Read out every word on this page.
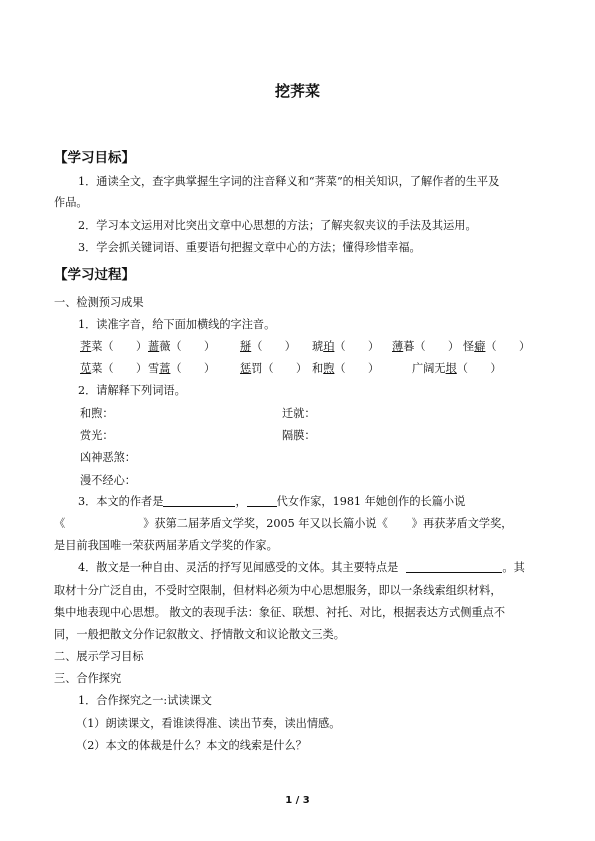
挖荠菜
【学习目标】
1．通读全文，查字典掌握生字词的注音释义和“荠菜”的相关知识，了解作者的生平及
作品。
2．学习本文运用对比突出文章中心思想的方法；了解夹叙夹议的手法及其运用。
3．学会抓关键词语、重要语句把握文章中心的方法；懂得珍惜幸福。
【学习过程】
一、检测预习成果
1．读准字音，给下面加横线的字注音。
荠菜（　　） 蔷薇（　　） 掰（　　） 琥珀（　　） 薄暮（　　） 怪癖（　　）
苋菜（　　） 雪蒿（　　） 惩罚（　　） 和煦（　　）	广阔无垠（　　）
2．请解释下列词语。
和煦：	迁就：
赏光：	隔膜：
凶神恶煞：
漫不经心：
3．本文的作者是	，	代女作家，1981 年她创作的长篇小说
《	》获第二届茅盾文学奖，2005 年又以长篇小说《 》再获茅盾文学奖，
是目前我国唯一荣获两届茅盾文学奖的作家。
4．散文是一种自由、灵活的抒写见闻感受的文体。其主要特点是	。其
取材十分广泛自由，不受时空限制，但材料必须为中心思想服务，即以一条线索组织材料，
集中地表现中心思想。 散文的表现手法：象征、联想、衬托、对比，根据表达方式侧重点不
同，一般把散文分作记叙散文、抒情散文和议论散文三类。
二、展示学习目标
三、合作探究
1．合作探究之一:试读课文
（1）朗读课文，看谁读得准、读出节奏，读出情感。
（2）本文的体裁是什么？本文的线索是什么？
1 / 3
